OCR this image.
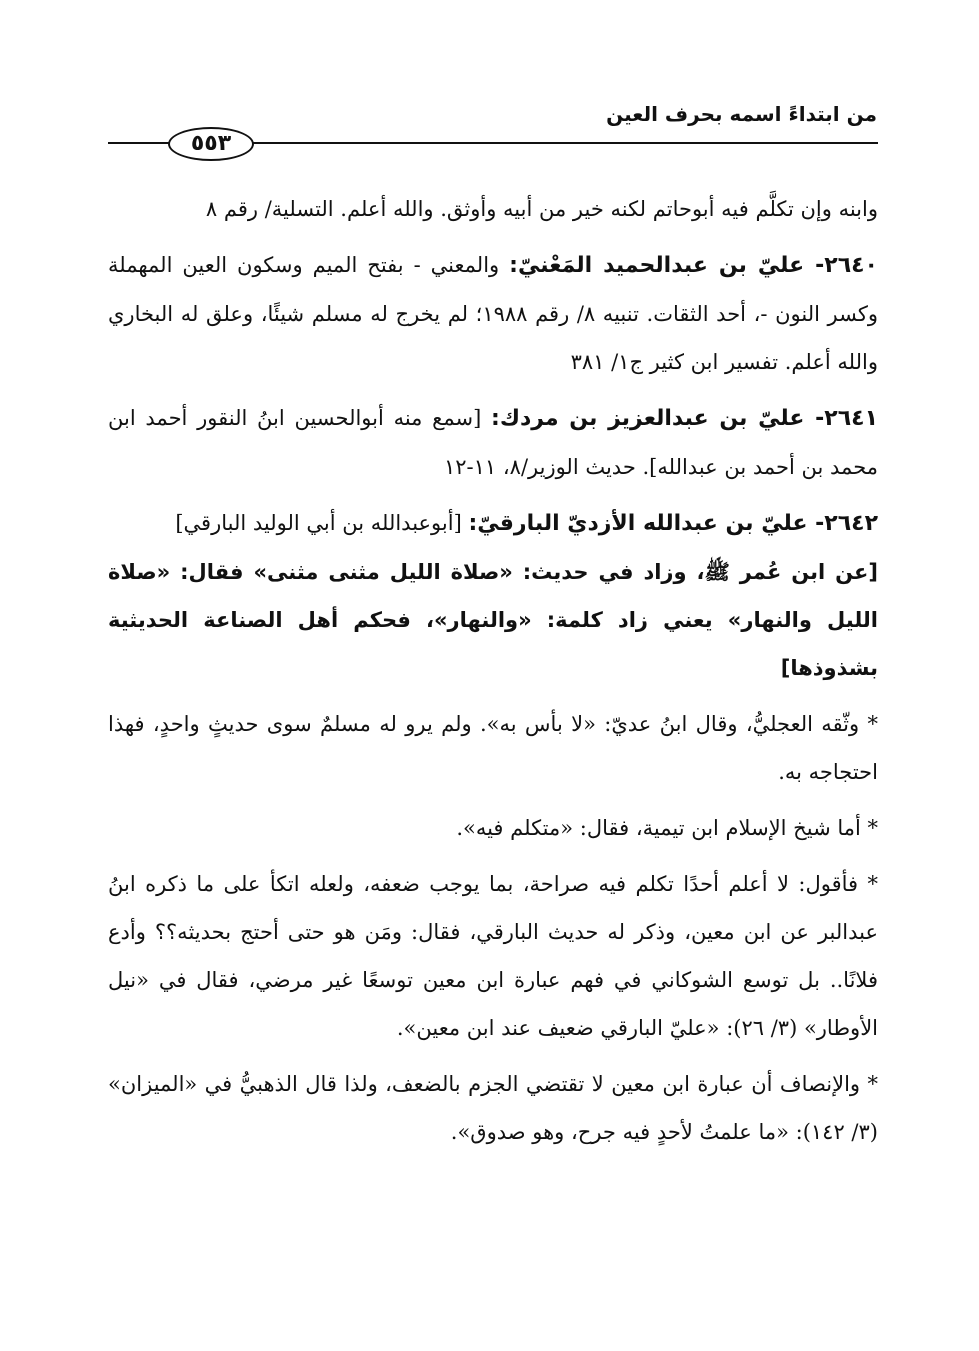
من ابتداءً اسمه بحرف العين
٥٥٣

وابنه وإن تكلَّم فيه أبوحاتم لكنه خير من أبيه وأوثق. والله أعلم. التسلية/ رقم ٨

٢٦٤٠- عليّ بن عبدالحميد المَعْنيّ: والمعني - بفتح الميم وسكون العين المهملة وكسر النون -، أحد الثقات. تنبيه ٨/ رقم ١٩٨٨؛ لم يخرج له مسلم شيئًا، وعلق له البخاري والله أعلم. تفسير ابن كثير ج١/ ٣٨١

٢٦٤١- عليّ بن عبدالعزيز بن مردك: [سمع منه أبوالحسين ابنُ النقور أحمد ابن محمد بن أحمد بن عبدالله]. حديث الوزير/٨، ١١-١٢

٢٦٤٢- عليّ بن عبدالله الأزديّ البارقيّ: [أبوعبدالله بن أبي الوليد البارقي]

[عن ابن عُمر ﷺ، وزاد في حديث: «صلاة الليل مثنى مثنى» فقال: «صلاة الليل والنهار» يعني زاد كلمة: «والنهار»، فحكم أهل الصناعة الحديثية بشذوذها]

* وثّقه العجليُّ، وقال ابنُ عديّ: «لا بأس به». ولم يرو له مسلمٌ سوى حديثٍ واحدٍ، فهذا احتجاجه به.

* أما شيخ الإسلام ابن تيمية، فقال: «متكلم فيه».

* فأقول: لا أعلم أحدًا تكلم فيه صراحة، بما يوجب ضعفه، ولعله اتكأ على ما ذكره ابنُ عبدالبر عن ابن معين، وذكر له حديث البارقي، فقال: ومَن هو حتى أحتج بحديثه؟؟ وأدع فلانًا.. بل توسع الشوكاني في فهم عبارة ابن معين توسعًا غير مرضي، فقال في «نيل الأوطار» (٣/ ٢٦): «عليّ البارقي ضعيف عند ابن معين».

* والإنصاف أن عبارة ابن معين لا تقتضي الجزم بالضعف، ولذا قال الذهبيُّ في «الميزان» (٣/ ١٤٢): «ما علمتُ لأحدٍ فيه جرح، وهو صدوق».
